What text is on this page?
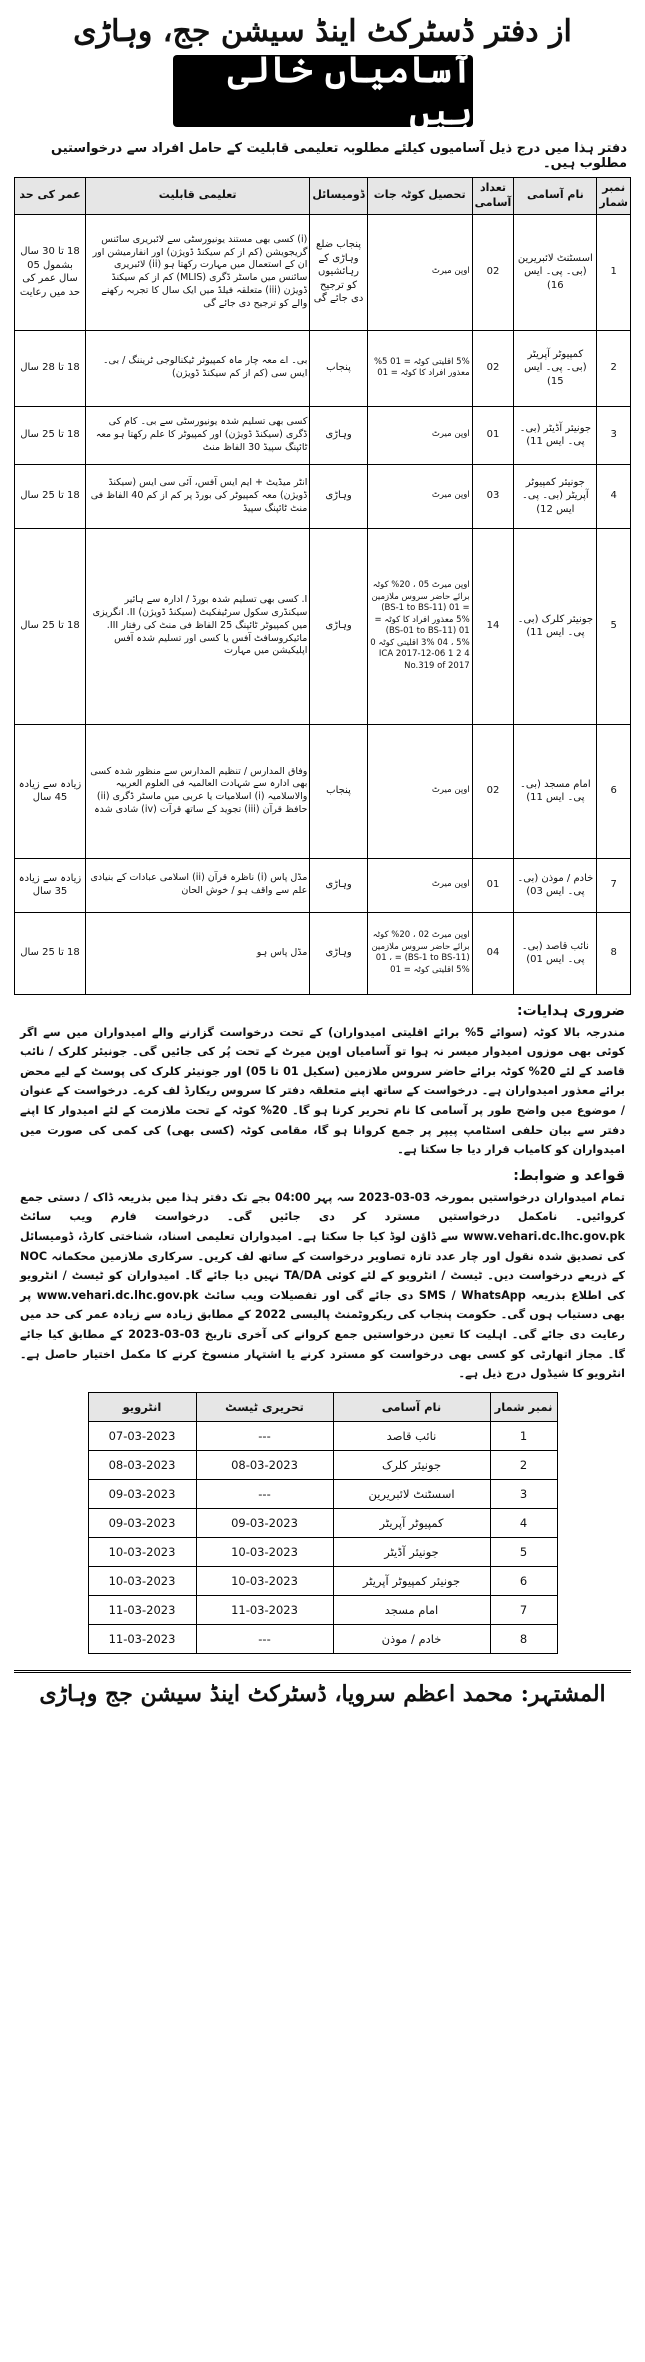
از دفتر ڈسٹرکٹ اینڈ سیشن جج، وہاڑی
آسامیاں خالی ہیں
دفتر ہذا میں درج ذیل آسامیوں کیلئے مطلوبہ تعلیمی قابلیت کے حامل افراد سے درخواستیں مطلوب ہیں۔
نمبر شمار	نام آسامی	تعداد آسامی	تحصیل کوٹہ جات	ڈومیسائل	تعلیمی قابلیت	عمر کی حد
1	اسسٹنٹ لائبریرین (بی۔ پی۔ ایس 16)	02	اوپن میرٹ	پنجاب ضلع وہاڑی کے رہائشیوں کو ترجیح دی جائے گی	(i) کسی بھی مستند یونیورسٹی سے لائبریری سائنس گریجویشن (کم از کم سیکنڈ ڈویژن) اور انفارمیشن اور ان کے استعمال میں مہارت رکھتا ہو (ii) لائبریری سائنس میں ماسٹر ڈگری (MLIS) کم از کم سیکنڈ ڈویژن (iii) متعلقہ فیلڈ میں ایک سال کا تجربہ رکھنے والے کو ترجیح دی جائے گی	18 تا 30 سال بشمول 05 سال عمر کی حد میں رعایت
2	کمپیوٹر آپریٹر (بی۔ پی۔ ایس 15)	02	5% اقلیتی کوٹہ = 01 5% معذور افراد کا کوٹہ = 01	پنجاب	بی۔ اے معہ چار ماہ کمپیوٹر ٹیکنالوجی ٹریننگ / بی۔ ایس سی (کم از کم سیکنڈ ڈویژن)	18 تا 28 سال
3	جونیئر آڈیٹر (بی۔ پی۔ ایس 11)	01	اوپن میرٹ	وہاڑی	کسی بھی تسلیم شدہ یونیورسٹی سے بی۔ کام کی ڈگری (سیکنڈ ڈویژن) اور کمپیوٹر کا علم رکھتا ہو معہ ٹائپنگ سپیڈ 30 الفاظ منٹ	18 تا 25 سال
4	جونیئر کمپیوٹر آپریٹر (بی۔ پی۔ ایس 12)	03	اوپن میرٹ	وہاڑی	انٹر میڈیٹ + ایم ایس آفس، آئی سی ایس (سیکنڈ ڈویژن) معہ کمپیوٹر کی بورڈ پر کم از کم 40 الفاظ فی منٹ ٹائپنگ سپیڈ	18 تا 25 سال
5	جونیئر کلرک (بی۔ پی۔ ایس 11)	14	اوپن میرٹ 05 ، 20% کوٹہ برائے حاضر سروس ملازمین = 01 (BS-1 to BS-11) 5% معذور افراد کا کوٹہ = 01 (BS-01 to BS-11) 3% 04 ، 5% اقلیتی کوٹہ 0 4 2 1 06-12-2017 ICA No.319 of 2017	وہاڑی	I. کسی بھی تسلیم شدہ بورڈ / ادارہ سے ہائیر سیکنڈری سکول سرٹیفکیٹ (سیکنڈ ڈویژن) II. انگریزی میں کمپیوٹر ٹائپنگ 25 الفاظ فی منٹ کی رفتار III. مائیکروسافٹ آفس یا کسی اور تسلیم شدہ آفس اپلیکیشن میں مہارت	18 تا 25 سال
6	امام مسجد (بی۔ پی۔ ایس 11)	02	اوپن میرٹ	پنجاب	وفاق المدارس / تنظیم المدارس سے منظور شدہ کسی بھی ادارہ سے شہادت العالمیہ فی العلوم العربیہ والاسلامیہ (i) اسلامیات یا عربی میں ماسٹر ڈگری (ii) حافظ قرآن (iii) تجوید کے ساتھ قرآت (iv) شادی شدہ	زیادہ سے زیادہ 45 سال
7	خادم / موذن (بی۔ پی۔ ایس 03)	01	اوپن میرٹ	وہاڑی	مڈل پاس (i) ناظرہ قرآن (ii) اسلامی عبادات کے بنیادی علم سے واقف ہو / خوش الحان	زیادہ سے زیادہ 35 سال
8	نائب قاصد (بی۔ پی۔ ایس 01)	04	اوپن میرٹ 02 ، 20% کوٹہ برائے حاضر سروس ملازمین (BS-1 to BS-11) = 01 ، 5% اقلیتی کوٹہ = 01	وہاڑی	مڈل پاس ہو	18 تا 25 سال
ضروری ہدایات:
مندرجہ بالا کوٹہ (سوائے 5% برائے اقلیتی امیدواران) کے تحت درخواست گزارنے والے امیدواران میں سے اگر کوئی بھی موزوں امیدوار میسر نہ ہوا تو آسامیاں اوپن میرٹ کے تحت پُر کی جائیں گی۔ جونیئر کلرک / نائب قاصد کے لئے 20% کوٹہ برائے حاضر سروس ملازمین (سکیل 01 تا 05) اور جونیئر کلرک کی پوسٹ کے لیے محض برائے معذور امیدواران ہے۔ درخواست کے ساتھ اپنے متعلقہ دفتر کا سروس ریکارڈ لف کرے۔ درخواست کے عنوان / موضوع میں واضح طور پر آسامی کا نام تحریر کرنا ہو گا۔ 20% کوٹہ کے تحت ملازمت کے لئے امیدوار کا اپنے دفتر سے بیان حلفی اسٹامپ پیپر پر جمع کروانا ہو گا، مقامی کوٹہ (کسی بھی) کی کمی کی صورت میں امیدواران کو کامیاب قرار دیا جا سکتا ہے۔
قواعد و ضوابط:
تمام امیدواران درخواستیں بمورخہ 03-03-2023 سہ پہر 04:00 بجے تک دفتر ہذا میں بذریعہ ڈاک / دستی جمع کروائیں۔ نامکمل درخواستیں مسترد کر دی جائیں گی۔ درخواست فارم ویب سائٹ www.vehari.dc.lhc.gov.pk سے ڈاؤن لوڈ کیا جا سکتا ہے۔ امیدواران تعلیمی اسناد، شناختی کارڈ، ڈومیسائل کی تصدیق شدہ نقول اور چار عدد تازہ تصاویر درخواست کے ساتھ لف کریں۔ سرکاری ملازمین محکمانہ NOC کے ذریعے درخواست دیں۔ ٹیسٹ / انٹرویو کے لئے کوئی TA/DA نہیں دیا جائے گا۔ امیدواران کو ٹیسٹ / انٹرویو کی اطلاع بذریعہ SMS / WhatsApp دی جائے گی اور تفصیلات ویب سائٹ www.vehari.dc.lhc.gov.pk پر بھی دستیاب ہوں گی۔ حکومت پنجاب کی ریکروٹمنٹ پالیسی 2022 کے مطابق زیادہ سے زیادہ عمر کی حد میں رعایت دی جائے گی۔ اہلیت کا تعین درخواستیں جمع کروانے کی آخری تاریخ 03-03-2023 کے مطابق کیا جائے گا۔ مجاز اتھارٹی کو کسی بھی درخواست کو مسترد کرنے یا اشتہار منسوخ کرنے کا مکمل اختیار حاصل ہے۔ انٹرویو کا شیڈول درج ذیل ہے۔
نمبر شمار	نام آسامی	تحریری ٹیسٹ	انٹرویو
1	نائب قاصد	---	07-03-2023
2	جونیئر کلرک	08-03-2023	08-03-2023
3	اسسٹنٹ لائبریرین	---	09-03-2023
4	کمپیوٹر آپریٹر	09-03-2023	09-03-2023
5	جونیئر آڈیٹر	10-03-2023	10-03-2023
6	جونیئر کمپیوٹر آپریٹر	10-03-2023	10-03-2023
7	امام مسجد	11-03-2023	11-03-2023
8	خادم / موذن	---	11-03-2023
المشتہر: محمد اعظم سرویا، ڈسٹرکٹ اینڈ سیشن جج وہاڑی
